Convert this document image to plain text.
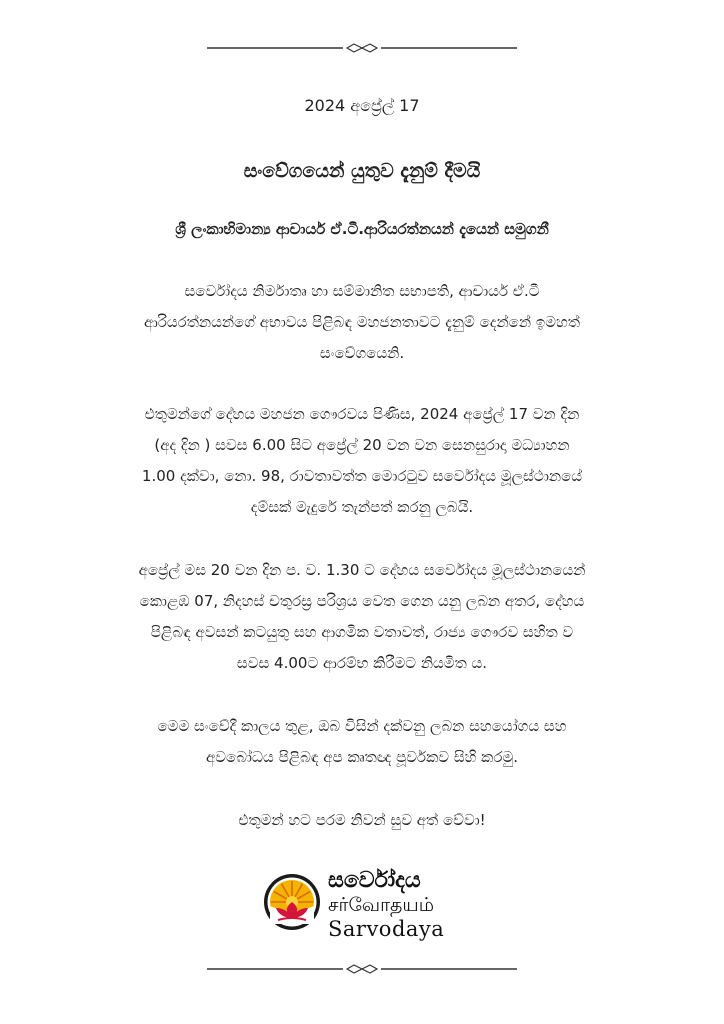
2024 අප්‍රේල් 17
සංවේගයෙන් යුතුව දැනුම් දීමයි
ශ්‍රී ලංකාභිමාන්‍ය ආචාර්ය ඒ.ටී.ආරියරත්නයන් දැයෙන් සමුගනී

සර්වෝදය නිර්මාතෘ හා සම්මානිත සභාපති, ආචාර්ය ඒ.ටී
ආරියරත්නයන්ගේ අභාවය පිළිබඳ මහජනතාවට දැනුම් දෙන්නේ ඉමහත්
සංවේගයෙනි.

එතුමන්ගේ දේහය මහජන ගෞරවය පිණිස, 2024 අප්‍රේල් 17 වන දින
(අද දින ) සවස 6.00 සිට අප්‍රේල් 20 වන වන සෙනසුරාදා මධ්‍යාහන
1.00 දක්වා, නො. 98, රාවතාවත්ත මොරටුව සර්වෝදය මූලස්ථානයේ
දම්සක් මැදුරේ තැන්පත් කරනු ලබයි.

අප්‍රේල් මස 20 වන දින ප. ව. 1.30 ට දේහය සර්වෝදය මූලස්ථානයෙන්
කොළඹ 07, නිදහස් චතුරස්‍ර පරිශ්‍රය වෙත ගෙන යනු ලබන අතර, දේහය
පිළිබඳ අවසන් කටයුතු සහ ආගමික වතාවත්, රාජ්‍ය ගෞරව සහිත ව
සවස 4.00ට ආරම්භ කිරීමට නියමිත ය.

මෙම සංවේදී කාලය තුළ, ඔබ විසින් දක්වනු ලබන සහයෝගය සහ
අවබෝධය පිළිබඳ අප කෘතඥ පූර්වකව සිහි කරමු.

එතුමන් හට පරම නිවන් සුව අත් වේවා!

සර්වෝදය
சர்வோதயம்
Sarvodaya
